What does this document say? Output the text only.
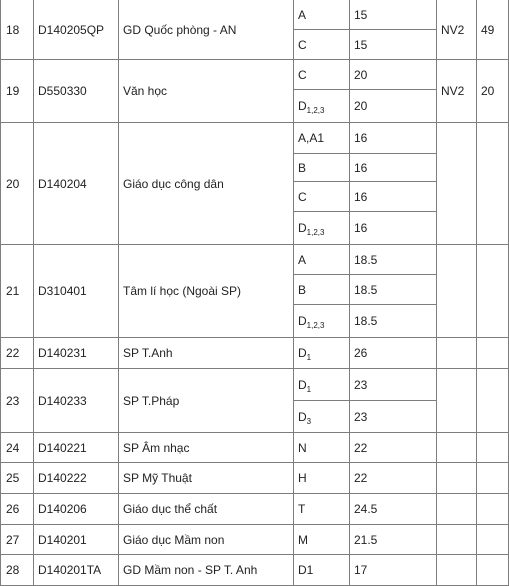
18	D140205QP	GD Quốc phòng - AN	A	15	NV2	49
			C	15		
19	D550330	Văn học	C	20	NV2	20
			$D_{1,2,3}$	20		
20	D140204	Giáo dục công dân	A,A1	16		
			B	16		
			C	16		
			$D_{1,2,3}$	16		
21	D310401	Tâm lí học (Ngoài SP)	A	18.5		
			B	18.5		
			$D_{1,2,3}$	18.5		
22	D140231	SP T.Anh	$D_1$	26		
23	D140233	SP T.Pháp	$D_1$	23		
			$D_3$	23		
24	D140221	SP Âm nhạc	N	22		
25	D140222	SP Mỹ Thuật	H	22		
26	D140206	Giáo dục thể chất	T	24.5		
27	D140201	Giáo dục Mầm non	M	21.5		
28	D140201TA	GD Mầm non - SP T. Anh	D1	17		
